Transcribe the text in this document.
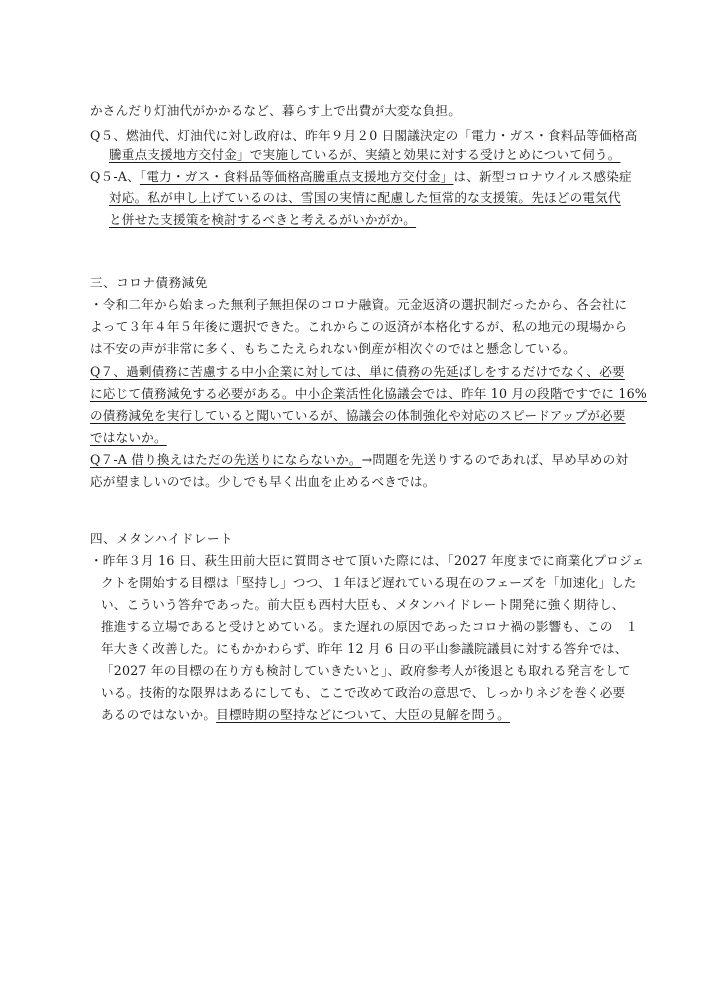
かさんだり灯油代がかかるなど、暮らす上で出費が大変な負担。
Q５、燃油代、灯油代に対し政府は、昨年９月２0 日閣議決定の「電力・ガス・食料品等価格高
騰重点支援地方交付金」で実施しているが、実績と効果に対する受けとめについて伺う。
Q５-A、「電力・ガス・食料品等価格高騰重点支援地方交付金」は、新型コロナウイルス感染症
対応。私が申し上げているのは、雪国の実情に配慮した恒常的な支援策。先ほどの電気代
と併せた支援策を検討するべきと考えるがいかがか。
三、コロナ債務減免
・令和二年から始まった無利子無担保のコロナ融資。元金返済の選択制だったから、各会社に
よって３年４年５年後に選択できた。これからこの返済が本格化するが、私の地元の現場から
は不安の声が非常に多く、もちこたえられない倒産が相次ぐのではと懸念している。
Q７、過剰債務に苦慮する中小企業に対しては、単に債務の先延ばしをするだけでなく、必要
に応じて債務減免する必要がある。中小企業活性化協議会では、昨年 10 月の段階ですでに 16%
の債務減免を実行していると聞いているが、協議会の体制強化や対応のスピードアップが必要
ではないか。
Q７-A 借り換えはただの先送りにならないか。→問題を先送りするのであれば、早め早めの対
応が望ましいのでは。少しでも早く出血を止めるべきでは。
四、メタンハイドレート
・昨年３月 16 日、萩生田前大臣に質問させて頂いた際には、「2027 年度までに商業化プロジェ
クトを開始する目標は「堅持し」つつ、１年ほど遅れている現在のフェーズを「加速化」した
い、こういう答弁であった。前大臣も西村大臣も、メタンハイドレート開発に強く期待し、
推進する立場であると受けとめている。また遅れの原因であったコロナ禍の影響も、この　１
年大きく改善した。にもかかわらず、昨年 12 月 6 日の平山参議院議員に対する答弁では、
「2027 年の目標の在り方も検討していきたいと」、政府参考人が後退とも取れる発言をして
いる。技術的な限界はあるにしても、ここで改めて政治の意思で、しっかりネジを巻く必要
あるのではないか。目標時期の堅持などについて、大臣の見解を問う。
